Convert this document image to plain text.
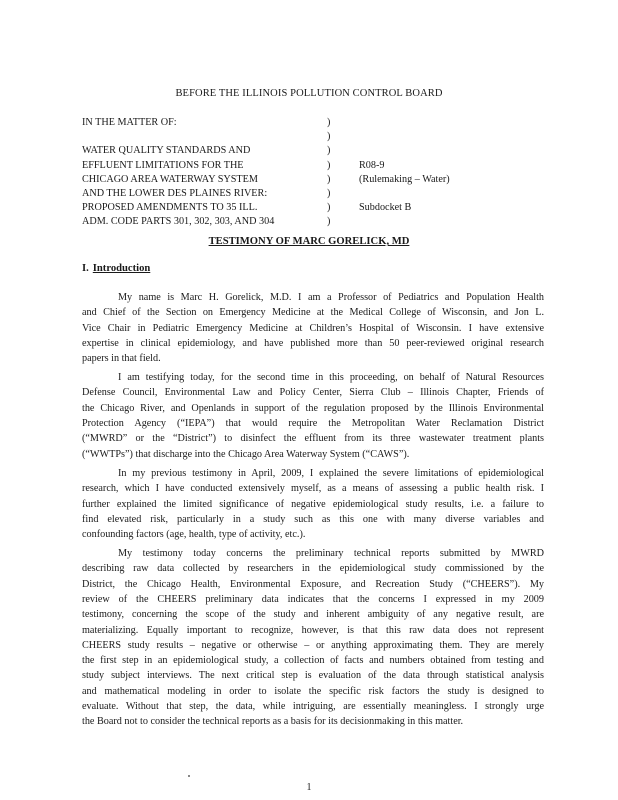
BEFORE THE ILLINOIS POLLUTION CONTROL BOARD
IN THE MATTER OF:	)
)
WATER QUALITY STANDARDS AND	)
EFFLUENT LIMITATIONS FOR THE	)	R08-9
CHICAGO AREA WATERWAY SYSTEM	)	(Rulemaking – Water)
AND THE LOWER DES PLAINES RIVER:	)
PROPOSED AMENDMENTS TO 35 ILL.	)	Subdocket B
ADM. CODE PARTS 301, 302, 303, AND 304	)
TESTIMONY OF MARC GORELICK, MD
I. Introduction
My name is Marc H. Gorelick, M.D. I am a Professor of Pediatrics and Population Health
and Chief of the Section on Emergency Medicine at the Medical College of Wisconsin, and Jon L.
Vice Chair in Pediatric Emergency Medicine at Children’s Hospital of Wisconsin. I have extensive
expertise in clinical epidemiology, and have published more than 50 peer-reviewed original research
papers in that field.
I am testifying today, for the second time in this proceeding, on behalf of Natural Resources
Defense Council, Environmental Law and Policy Center, Sierra Club – Illinois Chapter, Friends of
the Chicago River, and Openlands in support of the regulation proposed by the Illinois Environmental
Protection Agency (“IEPA”) that would require the Metropolitan Water Reclamation District
(“MWRD” or the “District”) to disinfect the effluent from its three wastewater treatment plants
(“WWTPs”) that discharge into the Chicago Area Waterway System (“CAWS”).
In my previous testimony in April, 2009, I explained the severe limitations of epidemiological
research, which I have conducted extensively myself, as a means of assessing a public health risk. I
further explained the limited significance of negative epidemiological study results, i.e. a failure to
find elevated risk, particularly in a study such as this one with many diverse variables and
confounding factors (age, health, type of activity, etc.).
My testimony today concerns the preliminary technical reports submitted by MWRD
describing raw data collected by researchers in the epidemiological study commissioned by the
District, the Chicago Health, Environmental Exposure, and Recreation Study (“CHEERS”). My
review of the CHEERS preliminary data indicates that the concerns I expressed in my 2009
testimony, concerning the scope of the study and inherent ambiguity of any negative result, are
materializing. Equally important to recognize, however, is that this raw data does not represent
CHEERS study results – negative or otherwise – or anything approximating them. They are merely
the first step in an epidemiological study, a collection of facts and numbers obtained from testing and
study subject interviews. The next critical step is evaluation of the data through statistical analysis
and mathematical modeling in order to isolate the specific risk factors the study is designed to
evaluate. Without that step, the data, while intriguing, are essentially meaningless. I strongly urge
the Board not to consider the technical reports as a basis for its decisionmaking in this matter.
1
